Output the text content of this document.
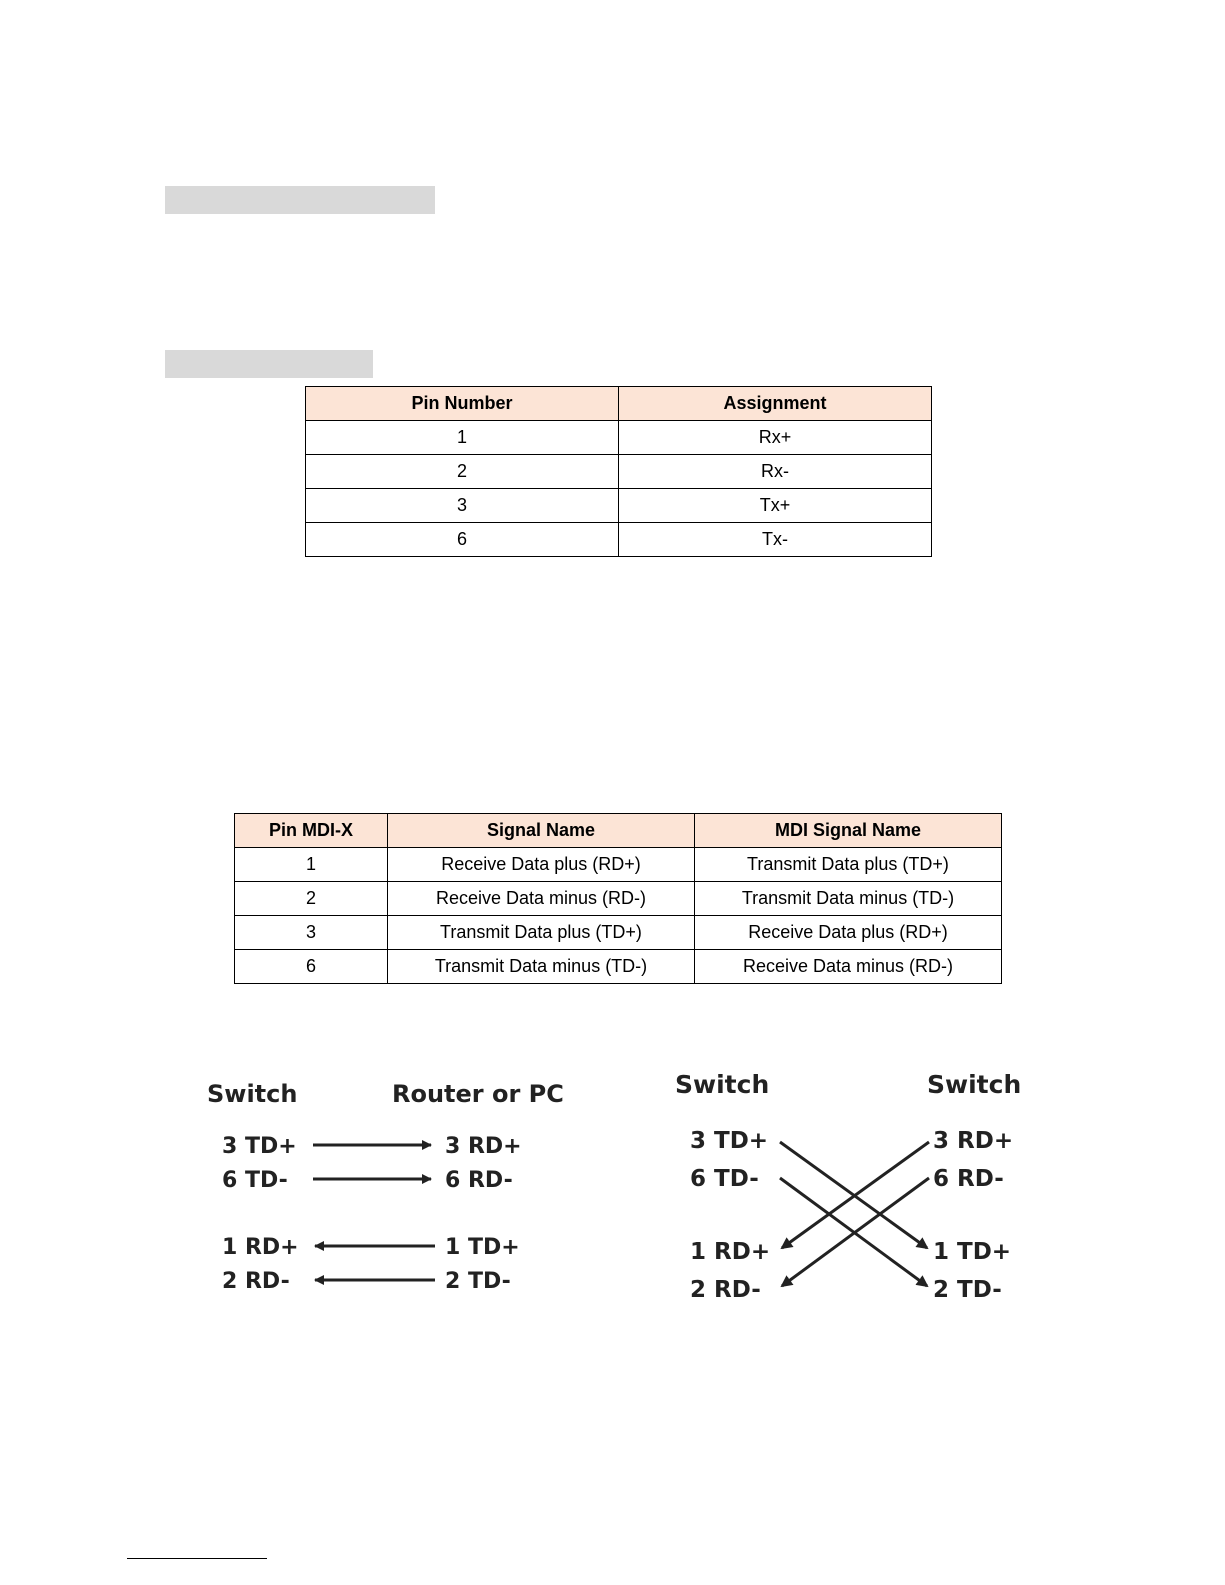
Pin Number	Assignment
1	Rx+
2	Rx-
3	Tx+
6	Tx-
Pin MDI-X	Signal Name	MDI Signal Name
1	Receive Data plus (RD+)	Transmit Data plus (TD+)
2	Receive Data minus (RD-)	Transmit Data minus (TD-)
3	Transmit Data plus (TD+)	Receive Data plus (RD+)
6	Transmit Data minus (TD-)	Receive Data minus (RD-)
Switch	Router or PC
3 TD+
6 TD-
1 RD+
2 RD-
3 RD+
6 RD-
1 TD+
2 TD-
Switch	Switch
3 TD+
6 TD-
1 RD+
2 RD-
3 RD+
6 RD-
1 TD+
2 TD-
